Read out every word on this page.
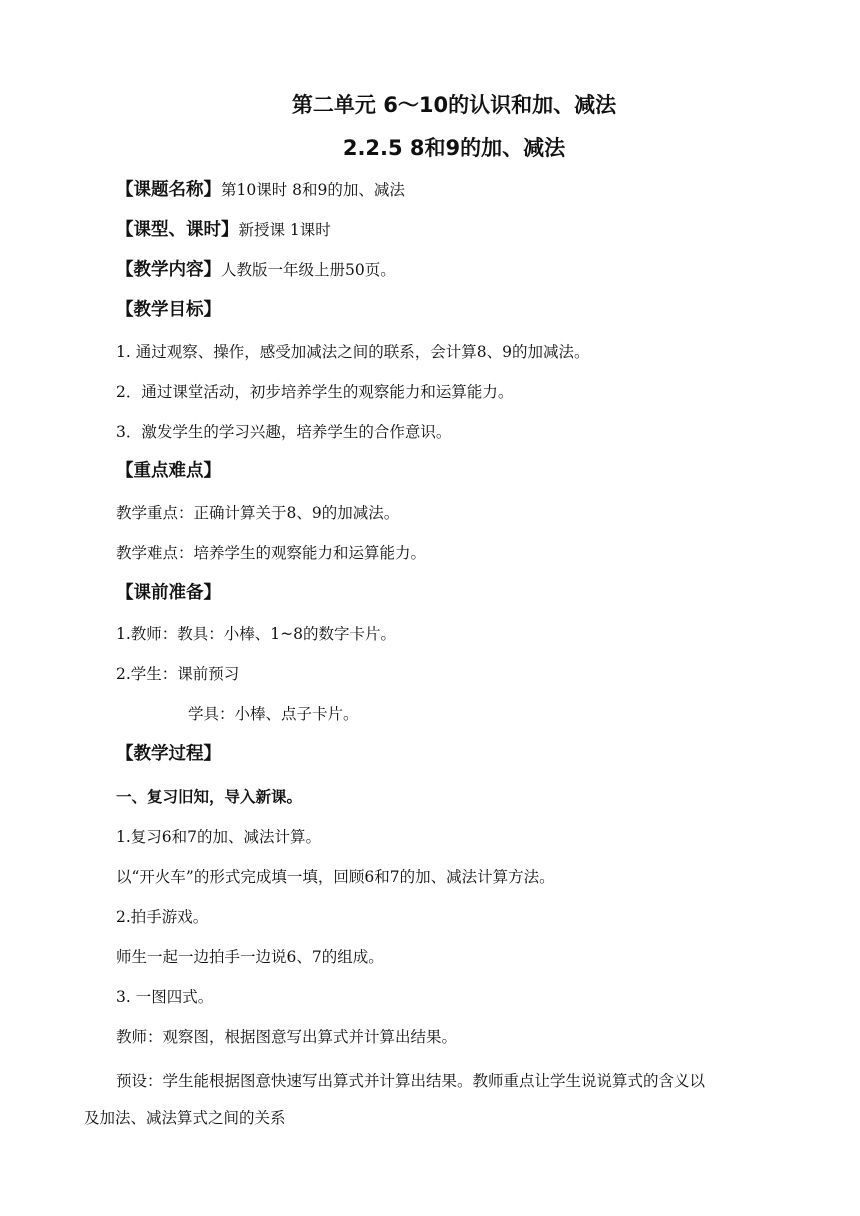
第二单元 6～10的认识和加、减法
2.2.5 8和9的加、减法
【课题名称】第10课时 8和9的加、减法
【课型、课时】新授课 1课时
【教学内容】人教版一年级上册50页。
【教学目标】
1. 通过观察、操作，感受加减法之间的联系，会计算8、9的加减法。
2．通过课堂活动，初步培养学生的观察能力和运算能力。
3．激发学生的学习兴趣，培养学生的合作意识。
【重点难点】
教学重点：正确计算关于8、9的加减法。
教学难点：培养学生的观察能力和运算能力。
【课前准备】
1.教师：教具：小棒、1~8的数字卡片。
2.学生：课前预习
学具：小棒、点子卡片。
【教学过程】
一、复习旧知，导入新课。
1.复习6和7的加、减法计算。
以“开火车”的形式完成填一填，回顾6和7的加、减法计算方法。
2.拍手游戏。
师生一起一边拍手一边说6、7的组成。
3. 一图四式。
教师：观察图，根据图意写出算式并计算出结果。
预设：学生能根据图意快速写出算式并计算出结果。教师重点让学生说说算式的含义以
及加法、减法算式之间的关系
